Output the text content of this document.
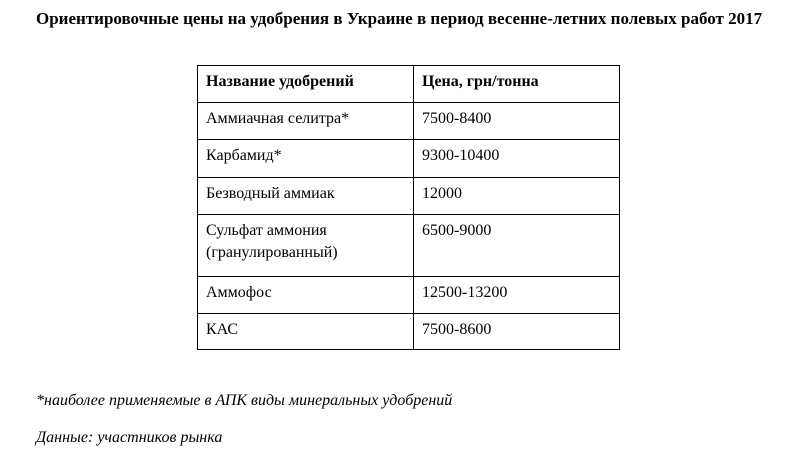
Ориентировочные цены на удобрения в Украине в период весенне-летних полевых работ 2017

Название удобрений	Цена, грн/тонна
Аммиачная селитра*	7500-8400
Карбамид*	9300-10400
Безводный аммиак	12000
Сульфат аммония (гранулированный)	6500-9000
Аммофос	12500-13200
КАС	7500-8600

*наиболее применяемые в АПК виды минеральных удобрений

Данные: участников рынка
